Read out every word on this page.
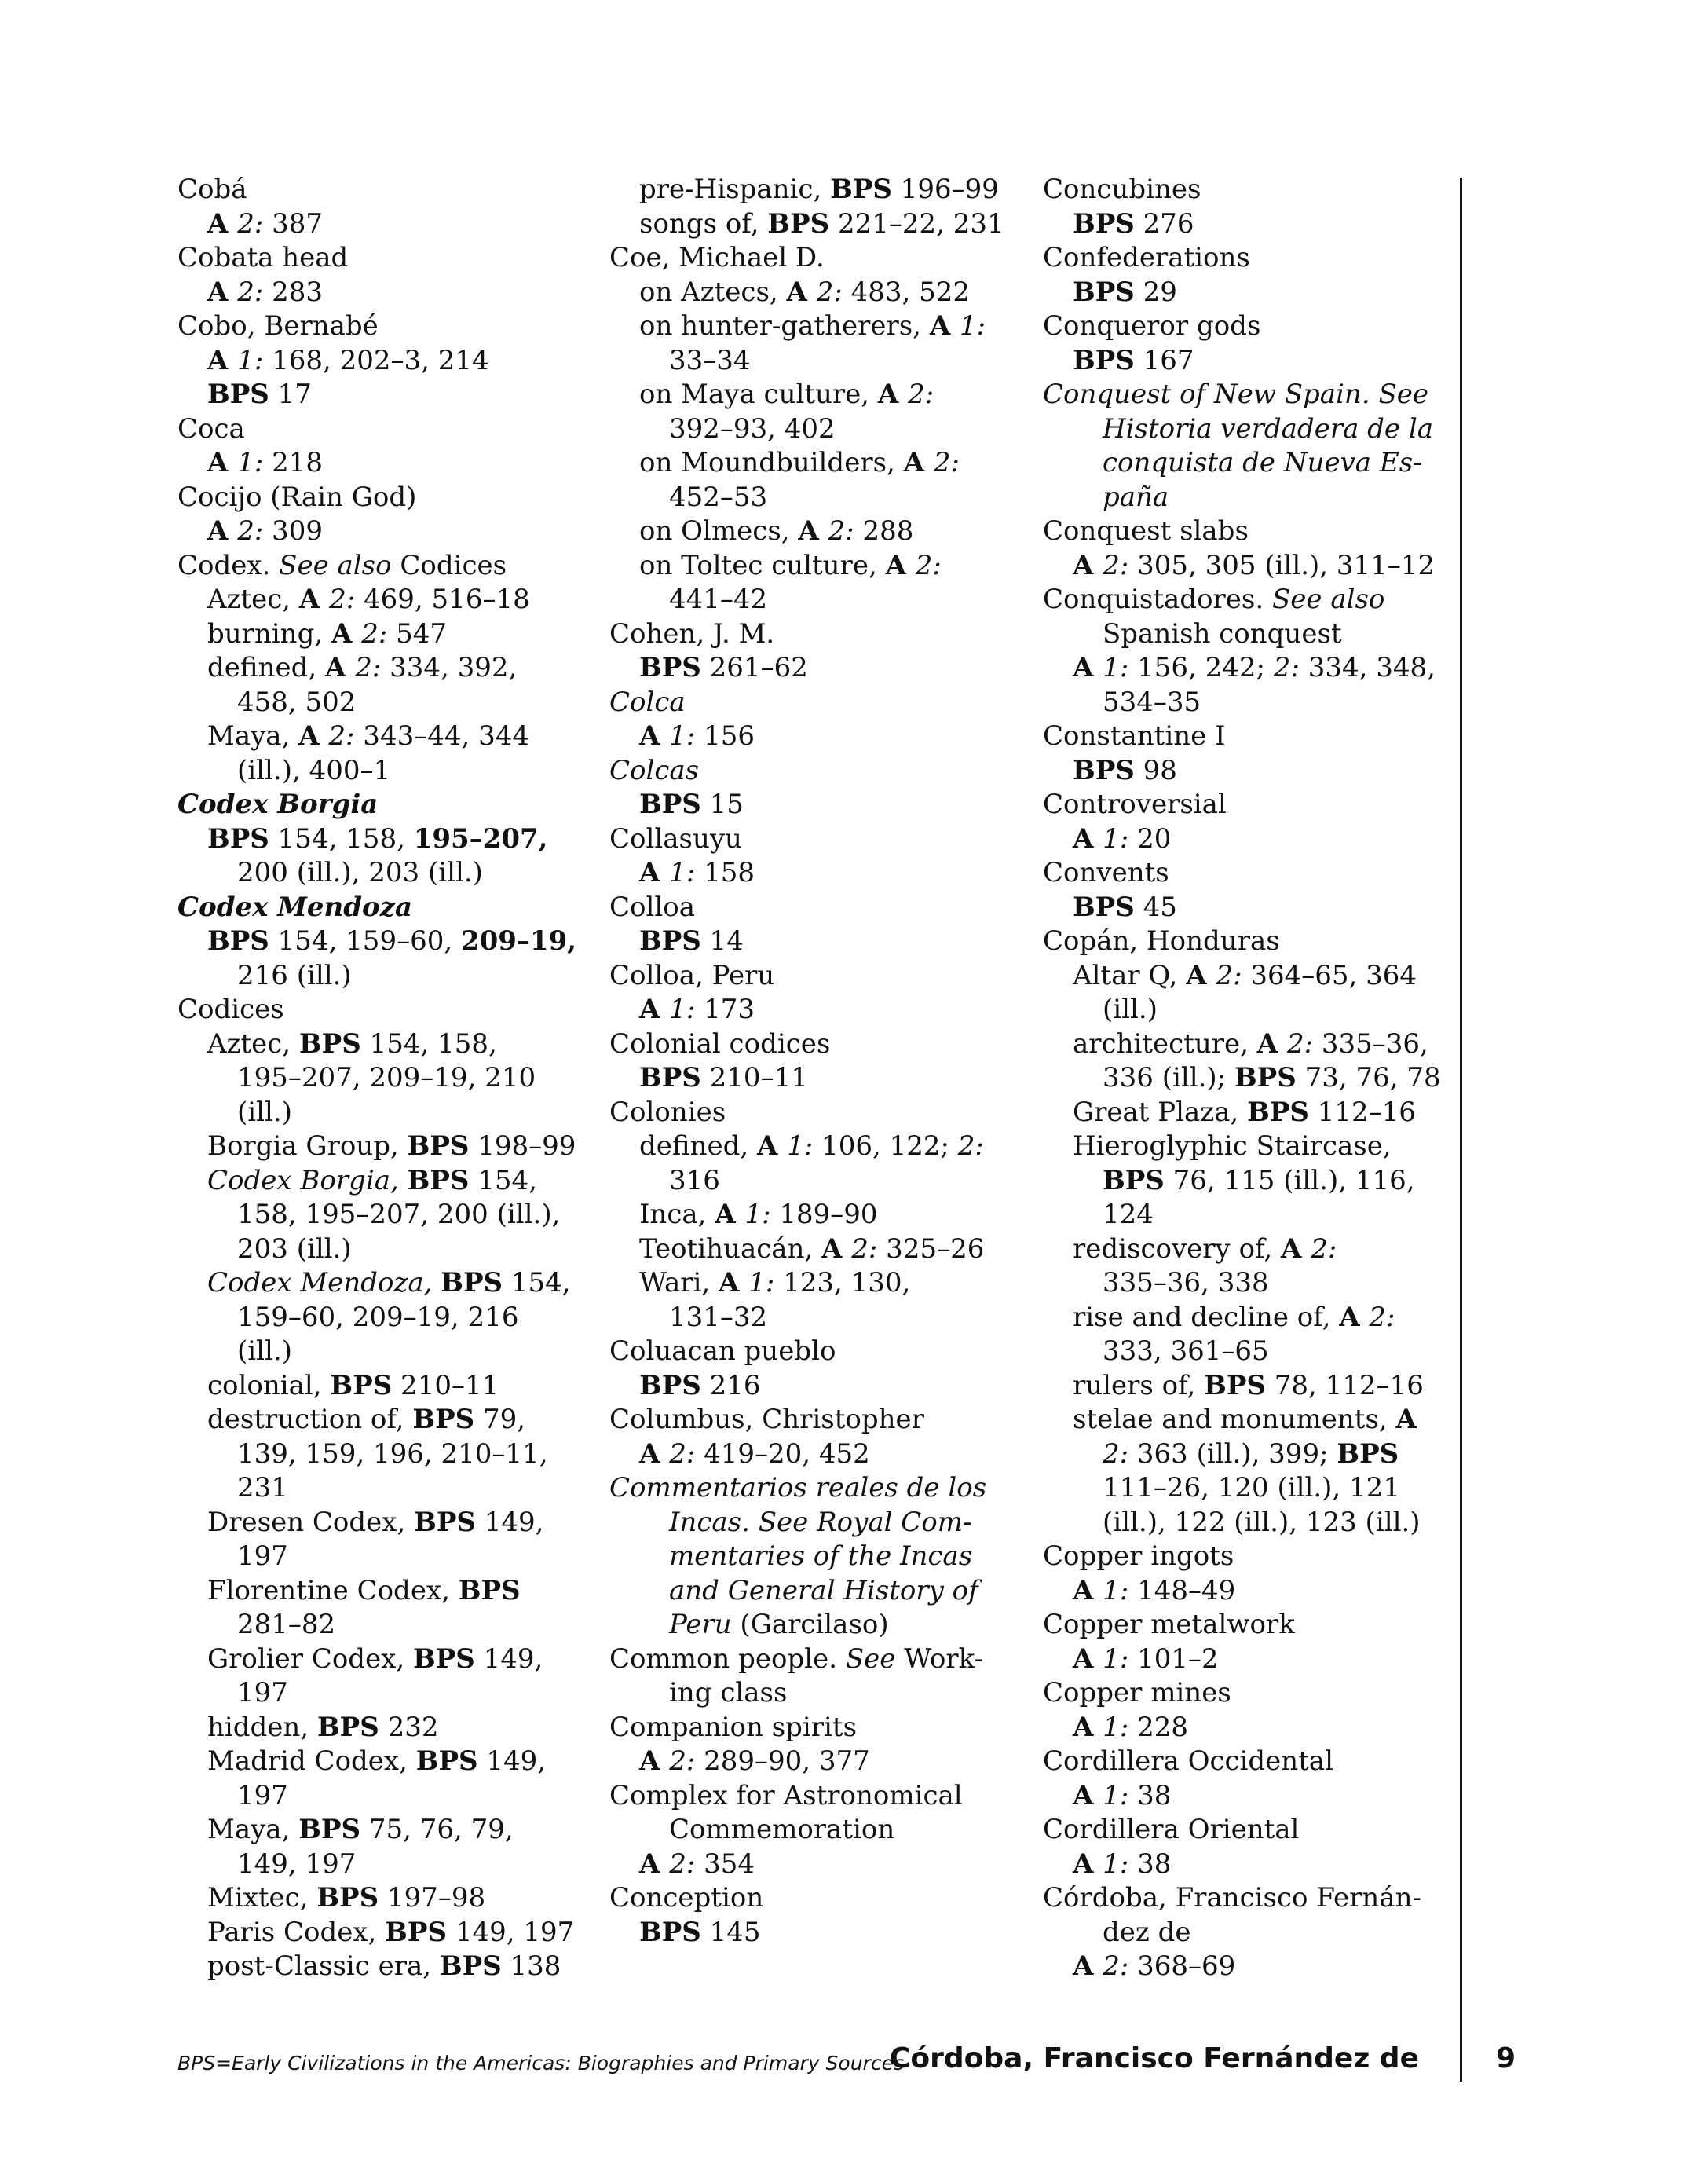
Cobá
A 2: 387
Cobata head
A 2: 283
Cobo, Bernabé
A 1: 168, 202–3, 214
BPS 17
Coca
A 1: 218
Cocijo (Rain God)
A 2: 309
Codex. See also Codices
Aztec, A 2: 469, 516–18
burning, A 2: 547
defined, A 2: 334, 392,
458, 502
Maya, A 2: 343–44, 344
(ill.), 400–1
Codex Borgia
BPS 154, 158, 195–207,
200 (ill.), 203 (ill.)
Codex Mendoza
BPS 154, 159–60, 209–19,
216 (ill.)
Codices
Aztec, BPS 154, 158,
195–207, 209–19, 210
(ill.)
Borgia Group, BPS 198–99
Codex Borgia, BPS 154,
158, 195–207, 200 (ill.),
203 (ill.)
Codex Mendoza, BPS 154,
159–60, 209–19, 216
(ill.)
colonial, BPS 210–11
destruction of, BPS 79,
139, 159, 196, 210–11,
231
Dresen Codex, BPS 149,
197
Florentine Codex, BPS
281–82
Grolier Codex, BPS 149,
197
hidden, BPS 232
Madrid Codex, BPS 149,
197
Maya, BPS 75, 76, 79,
149, 197
Mixtec, BPS 197–98
Paris Codex, BPS 149, 197
post-Classic era, BPS 138
pre-Hispanic, BPS 196–99
songs of, BPS 221–22, 231
Coe, Michael D.
on Aztecs, A 2: 483, 522
on hunter-gatherers, A 1:
33–34
on Maya culture, A 2:
392–93, 402
on Moundbuilders, A 2:
452–53
on Olmecs, A 2: 288
on Toltec culture, A 2:
441–42
Cohen, J. M.
BPS 261–62
Colca
A 1: 156
Colcas
BPS 15
Collasuyu
A 1: 158
Colloa
BPS 14
Colloa, Peru
A 1: 173
Colonial codices
BPS 210–11
Colonies
defined, A 1: 106, 122; 2:
316
Inca, A 1: 189–90
Teotihuacán, A 2: 325–26
Wari, A 1: 123, 130,
131–32
Coluacan pueblo
BPS 216
Columbus, Christopher
A 2: 419–20, 452
Commentarios reales de los
Incas. See Royal Com-
mentaries of the Incas
and General History of
Peru (Garcilaso)
Common people. See Work-
ing class
Companion spirits
A 2: 289–90, 377
Complex for Astronomical
Commemoration
A 2: 354
Conception
BPS 145
Concubines
BPS 276
Confederations
BPS 29
Conqueror gods
BPS 167
Conquest of New Spain. See
Historia verdadera de la
conquista de Nueva Es-
paña
Conquest slabs
A 2: 305, 305 (ill.), 311–12
Conquistadores. See also
Spanish conquest
A 1: 156, 242; 2: 334, 348,
534–35
Constantine I
BPS 98
Controversial
A 1: 20
Convents
BPS 45
Copán, Honduras
Altar Q, A 2: 364–65, 364
(ill.)
architecture, A 2: 335–36,
336 (ill.); BPS 73, 76, 78
Great Plaza, BPS 112–16
Hieroglyphic Staircase,
BPS 76, 115 (ill.), 116,
124
rediscovery of, A 2:
335–36, 338
rise and decline of, A 2:
333, 361–65
rulers of, BPS 78, 112–16
stelae and monuments, A
2: 363 (ill.), 399; BPS
111–26, 120 (ill.), 121
(ill.), 122 (ill.), 123 (ill.)
Copper ingots
A 1: 148–49
Copper metalwork
A 1: 101–2
Copper mines
A 1: 228
Cordillera Occidental
A 1: 38
Cordillera Oriental
A 1: 38
Córdoba, Francisco Fernán-
dez de
A 2: 368–69
BPS=Early Civilizations in the Americas: Biographies and Primary Sources
Córdoba, Francisco Fernández de	9
